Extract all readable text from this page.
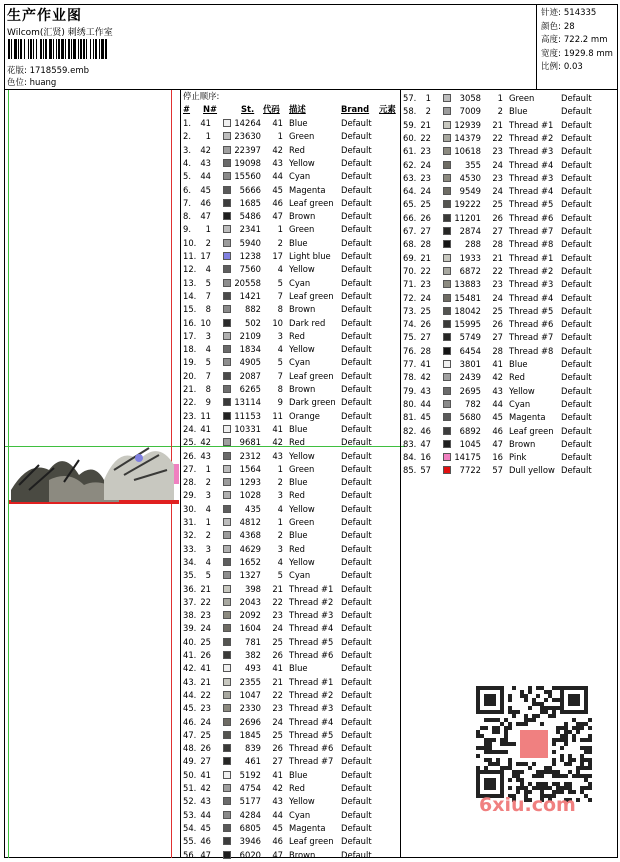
生产作业图
Wilcom(汇贤) 刺绣工作室
花版: 1718559.emb
色位: huang
针迹: 514335
颜色: 28
高度: 722.2 mm
宽度: 1929.8 mm
比例: 0.03
停止顺序:
# N#	St. 代码 描述	Brand 元素
1.	41	14264	41 Blue	Default
2.	1	23630	1 Green	Default
3.	42	22397	42 Red	Default
4.	43	19098	43 Yellow	Default
5.	44	15560	44 Cyan	Default
6.	45	5666	45 Magenta Default
7.	46	1685	46 Leaf green Default
8.	47	5486	47 Brown	Default
9.	1	2341	1 Green	Default
10.	2	5940	2 Blue	Default
11. 17	1238	17 Light blue Default
12.	4	7560	4 Yellow	Default
13.	5	20558	5 Cyan	Default
14.	7	1421	7 Leaf green Default
15.	8	882	8 Brown	Default
16. 10	502	10 Dark red Default
17.	3	2109	3 Red	Default
18.	4	1834	4 Yellow	Default
19.	5	4905	5 Cyan	Default
20.	7	2087	7 Leaf green Default
21.	8	6265	8 Brown	Default
22.	9	13114	9 Dark green Default
23. 11	11153	11 Orange	Default
24. 41	10331	41 Blue	Default
25. 42	9681	42 Red	Default
26. 43	2312	43 Yellow	Default
27.	1	1564	1 Green	Default
28.	2	1293	2 Blue	Default
29.	3	1028	3 Red	Default
30.	4	435	4 Yellow	Default
31.	1	4812	1 Green	Default
32.	2	4368	2 Blue	Default
33.	3	4629	3 Red	Default
34.	4	1652	4 Yellow	Default
35.	5	1327	5 Cyan	Default
36. 21	398	21 Thread #1 Default
37. 22	2043	22 Thread #2 Default
38. 23	2092	23 Thread #3 Default
39. 24	1604	24 Thread #4 Default
40. 25	781	25 Thread #5 Default
41. 26	382	26 Thread #6 Default
42. 41	493	41 Blue	Default
43. 21	2355	21 Thread #1 Default
44. 22	1047	22 Thread #2 Default
45. 23	2330	23 Thread #3 Default
46. 24	2696	24 Thread #4 Default
47. 25	1845	25 Thread #5 Default
48. 26	839	26 Thread #6 Default
49. 27	461	27 Thread #7 Default
50. 41	5192	41 Blue	Default
51. 42	4754	42 Red	Default
52. 43	5177	43 Yellow	Default
53. 44	4284	44 Cyan	Default
54. 45	6805	45 Magenta Default
55. 46	3946	46 Leaf green Default
56. 47	6020	47 Brown	Default
57.	1	3058	1 Green	Default
58.	2	7009	2 Blue	Default
59. 21	12939	21 Thread #1 Default
60. 22	14379	22 Thread #2 Default
61. 23	10618	23 Thread #3 Default
62. 24	355	24 Thread #4 Default
63. 23	4530	23 Thread #3 Default
64. 24	9549	24 Thread #4 Default
65. 25	19222	25 Thread #5 Default
66. 26	11201	26 Thread #6 Default
67. 27	2874	27 Thread #7 Default
68. 28	288	28 Thread #8 Default
69. 21	1933	21 Thread #1 Default
70. 22	6872	22 Thread #2 Default
71. 23	13883	23 Thread #3 Default
72. 24	15481	24 Thread #4 Default
73. 25	18042	25 Thread #5 Default
74. 26	15995	26 Thread #6 Default
75. 27	5749	27 Thread #7 Default
76. 28	6454	28 Thread #8 Default
77. 41	3801	41 Blue	Default
78. 42	2439	42 Red	Default
79. 43	2695	43 Yellow	Default
80. 44	782	44 Cyan	Default
81. 45	5680	45 Magenta Default
82. 46	6892	46 Leaf green Default
83. 47	1045	47 Brown	Default
84. 16	14175	16 Pink	Default
85. 57	7722	57 Dull yellow Default
6xiu.com
